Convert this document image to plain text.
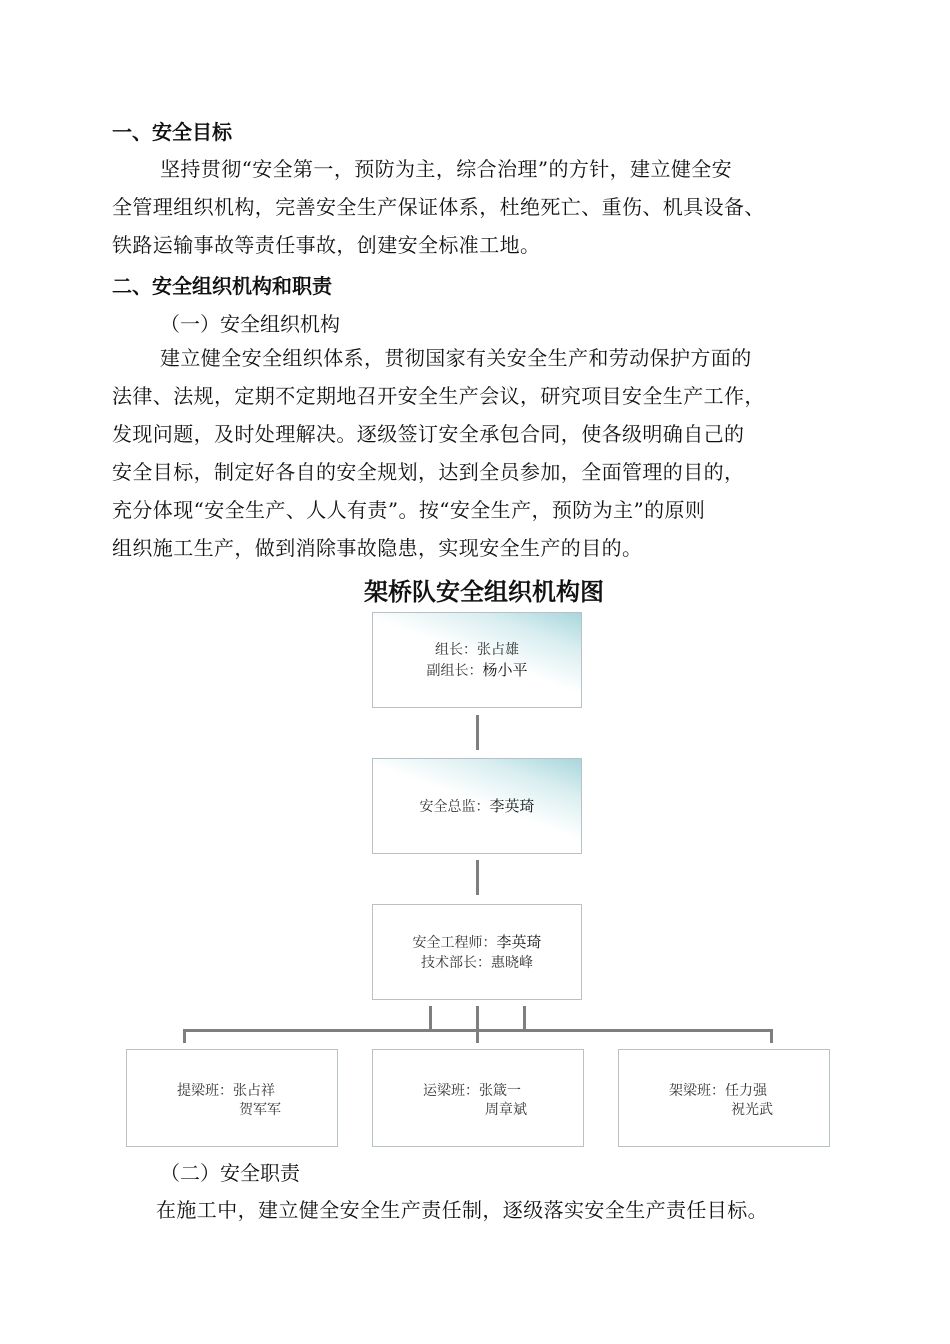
一、安全目标

坚持贯彻“安全第一，预防为主，综合治理”的方针，建立健全安

全管理组织机构，完善安全生产保证体系，杜绝死亡、重伤、机具设备、

铁路运输事故等责任事故，创建安全标准工地。

二、安全组织机构和职责

（一）安全组织机构

建立健全安全组织体系，贯彻国家有关安全生产和劳动保护方面的

法律、法规，定期不定期地召开安全生产会议，研究项目安全生产工作，

发现问题，及时处理解决。逐级签订安全承包合同，使各级明确自己的

安全目标，制定好各自的安全规划，达到全员参加，全面管理的目的，

充分体现“安全生产、人人有责”。按“安全生产，预防为主”的原则

组织施工生产，做到消除事故隐患，实现安全生产的目的。

架桥队安全组织机构图

组长：张占雄
副组长：杨小平
安全总监：李英琦
安全工程师：李英琦
技术部长：惠晓峰
提梁班：张占祥
贺军军
运梁班：张箴一
周章斌
架梁班：任力强
祝光武

（二）安全职责

在施工中，建立健全安全生产责任制，逐级落实安全生产责任目标。
